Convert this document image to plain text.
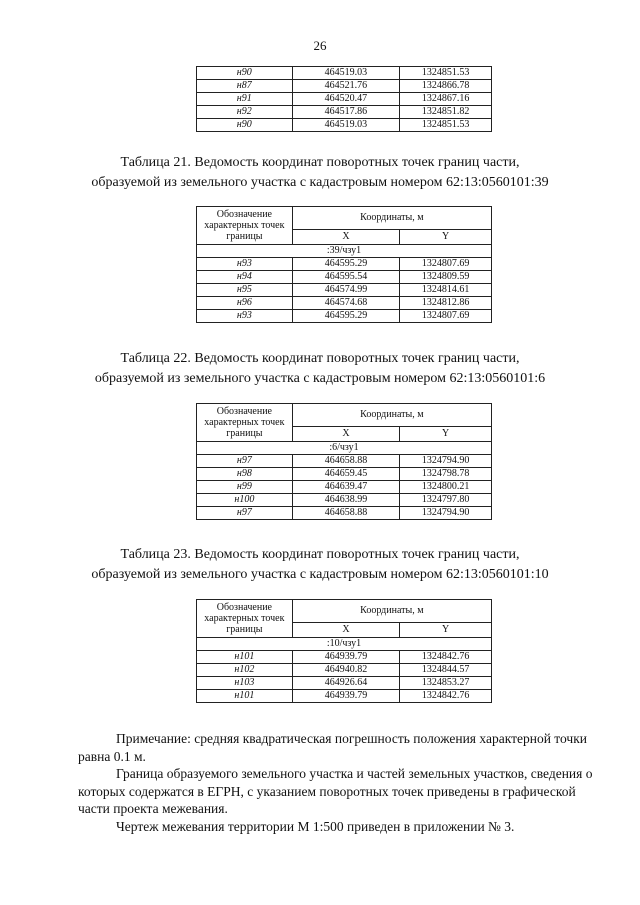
26
н90	464519.03	1324851.53
н87	464521.76	1324866.78
н91	464520.47	1324867.16
н92	464517.86	1324851.82
н90	464519.03	1324851.53
Таблица 21. Ведомость координат поворотных точек границ части,
образуемой из земельного участка с кадастровым номером 62:13:0560101:39
Обозначение характерных точек границы	Координаты, м	
	X	Y
:39/чзу1		
н93	464595.29	1324807.69
н94	464595.54	1324809.59
н95	464574.99	1324814.61
н96	464574.68	1324812.86
н93	464595.29	1324807.69
Таблица 22. Ведомость координат поворотных точек границ части,
образуемой из земельного участка с кадастровым номером 62:13:0560101:6
Обозначение характерных точек границы	Координаты, м	
	X	Y
:6/чзу1		
н97	464658.88	1324794.90
н98	464659.45	1324798.78
н99	464639.47	1324800.21
н100	464638.99	1324797.80
н97	464658.88	1324794.90
Таблица 23. Ведомость координат поворотных точек границ части,
образуемой из земельного участка с кадастровым номером 62:13:0560101:10
Обозначение характерных точек границы	Координаты, м	
	X	Y
:10/чзу1		
н101	464939.79	1324842.76
н102	464940.82	1324844.57
н103	464926.64	1324853.27
н101	464939.79	1324842.76

Примечание: средняя квадратическая погрешность положения характерной точки равна 0.1 м.

Граница образуемого земельного участка и частей земельных участков, сведения о которых содержатся в ЕГРН, с указанием поворотных точек приведены в графической части проекта межевания.

Чертеж межевания территории М 1:500 приведен в приложении № 3.
